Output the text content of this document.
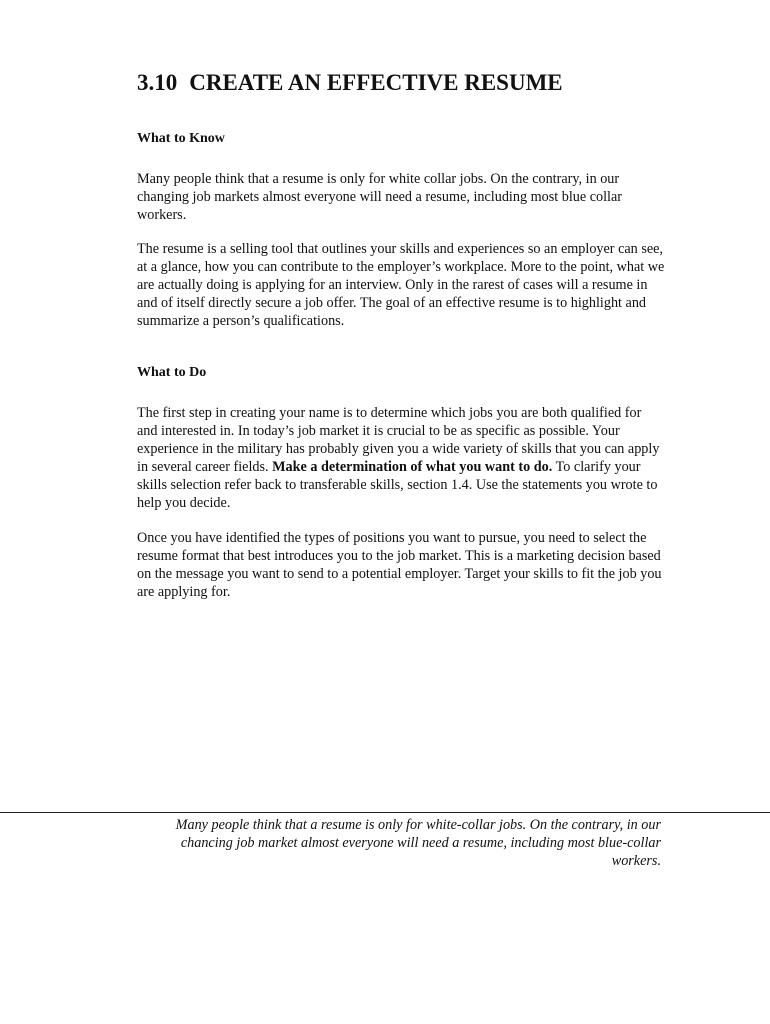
3.10 CREATE AN EFFECTIVE RESUME
What to Know

Many people think that a resume is only for white collar jobs. On the contrary, in our changing job markets almost everyone will need a resume, including most blue collar workers.

The resume is a selling tool that outlines your skills and experiences so an employer can see, at a glance, how you can contribute to the employer’s workplace. More to the point, what we are actually doing is applying for an interview. Only in the rarest of cases will a resume in and of itself directly secure a job offer. The goal of an effective resume is to highlight and summarize a person’s qualifications.

What to Do

The first step in creating your name is to determine which jobs you are both qualified for and interested in. In today’s job market it is crucial to be as specific as possible. Your experience in the military has probably given you a wide variety of skills that you can apply in several career fields. Make a determination of what you want to do. To clarify your skills selection refer back to transferable skills, section 1.4. Use the statements you wrote to help you decide.

Once you have identified the types of positions you want to pursue, you need to select the resume format that best introduces you to the job market. This is a marketing decision based on the message you want to send to a potential employer. Target your skills to fit the job you are applying for.

Many people think that a resume is only for white-collar jobs. On the contrary, in our chancing job market almost everyone will need a resume, including most blue-collar workers.
